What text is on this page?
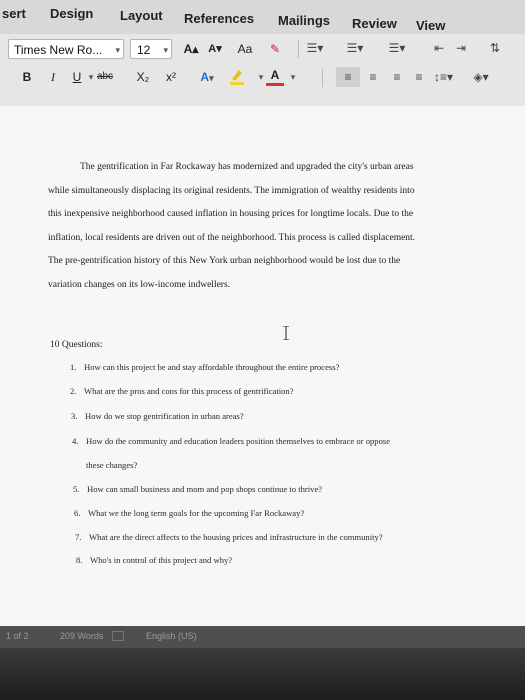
sert Design Layout References Mailings Review View
Times New Ro... ▾	12 ▾ A▴ A▾ Aa	✎	☰▾ ☰▾ ☰▾	⇤ ⇥	⇅
B	I	U ▾ abc X₂	x²	A▾	▾ A	▾	≡	≡	≡	≡ ↕≡▾ ◈▾
The gentrification in Far Rockaway has modernized and upgraded the city's urban areas
while simultaneously displacing its original residents. The immigration of wealthy residents into
this inexpensive neighborhood caused inflation in housing prices for longtime locals. Due to the
inflation, local residents are driven out of the neighborhood. This process is called displacement.
The pre-gentrification history of this New York urban neighborhood would be lost due to the
variation changes on its low-income indwellers.
10 Questions:
1. How can this project be and stay affordable throughout the entire process?
2. What are the pros and cons for this process of gentrification?
3. How do we stop gentrification in urban areas?
4. How do the community and education leaders position themselves to embrace or oppose
these changes?
5. How can small business and mom and pop shops continue to thrive?
6. What we the long term goals for the upcoming Far Rockaway?
7. What are the direct affects to the housing prices and infrastructure in the community?
8. Who's in control of this project and why?
1 of 2	209 Words	English (US)
